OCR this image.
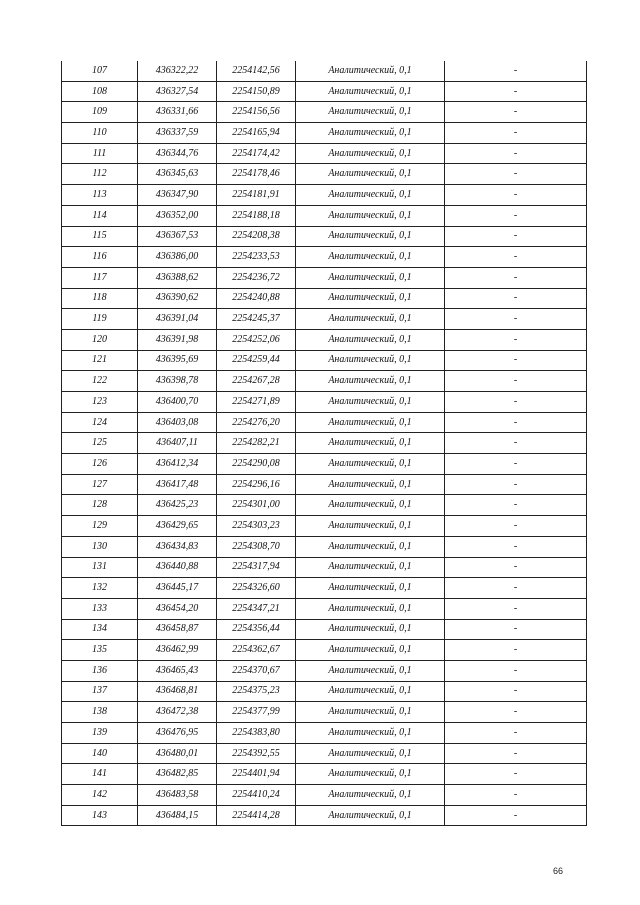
107	436322,22	2254142,56	Аналитический, 0,1	-
108	436327,54	2254150,89	Аналитический, 0,1	-
109	436331,66	2254156,56	Аналитический, 0,1	-
110	436337,59	2254165,94	Аналитический, 0,1	-
111	436344,76	2254174,42	Аналитический, 0,1	-
112	436345,63	2254178,46	Аналитический, 0,1	-
113	436347,90	2254181,91	Аналитический, 0,1	-
114	436352,00	2254188,18	Аналитический, 0,1	-
115	436367,53	2254208,38	Аналитический, 0,1	-
116	436386,00	2254233,53	Аналитический, 0,1	-
117	436388,62	2254236,72	Аналитический, 0,1	-
118	436390,62	2254240,88	Аналитический, 0,1	-
119	436391,04	2254245,37	Аналитический, 0,1	-
120	436391,98	2254252,06	Аналитический, 0,1	-
121	436395,69	2254259,44	Аналитический, 0,1	-
122	436398,78	2254267,28	Аналитический, 0,1	-
123	436400,70	2254271,89	Аналитический, 0,1	-
124	436403,08	2254276,20	Аналитический, 0,1	-
125	436407,11	2254282,21	Аналитический, 0,1	-
126	436412,34	2254290,08	Аналитический, 0,1	-
127	436417,48	2254296,16	Аналитический, 0,1	-
128	436425,23	2254301,00	Аналитический, 0,1	-
129	436429,65	2254303,23	Аналитический, 0,1	-
130	436434,83	2254308,70	Аналитический, 0,1	-
131	436440,88	2254317,94	Аналитический, 0,1	-
132	436445,17	2254326,60	Аналитический, 0,1	-
133	436454,20	2254347,21	Аналитический, 0,1	-
134	436458,87	2254356,44	Аналитический, 0,1	-
135	436462,99	2254362,67	Аналитический, 0,1	-
136	436465,43	2254370,67	Аналитический, 0,1	-
137	436468,81	2254375,23	Аналитический, 0,1	-
138	436472,38	2254377,99	Аналитический, 0,1	-
139	436476,95	2254383,80	Аналитический, 0,1	-
140	436480,01	2254392,55	Аналитический, 0,1	-
141	436482,85	2254401,94	Аналитический, 0,1	-
142	436483,58	2254410,24	Аналитический, 0,1	-
143	436484,15	2254414,28	Аналитический, 0,1	-
66
